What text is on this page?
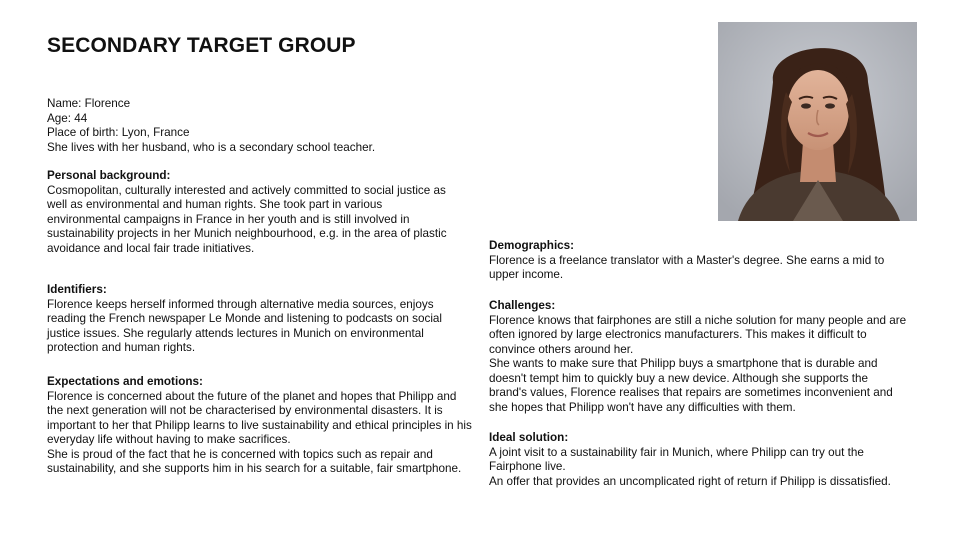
SECONDARY TARGET GROUP

Name: Florence

Age: 44

Place of birth: Lyon, France

She lives with her husband, who is a secondary school teacher.

Personal background:

Cosmopolitan, culturally interested and actively committed to social justice as well as environmental and human rights. She took part in various environmental campaigns in France in her youth and is still involved in sustainability projects in her Munich neighbourhood, e.g. in the area of plastic avoidance and local fair trade initiatives.

Identifiers:

Florence keeps herself informed through alternative media sources, enjoys reading the French newspaper Le Monde and listening to podcasts on social justice issues. She regularly attends lectures in Munich on environmental protection and human rights.

Expectations and emotions:

Florence is concerned about the future of the planet and hopes that Philipp and the next generation will not be characterised by environmental disasters. It is important to her that Philipp learns to live sustainability and ethical principles in his everyday life without having to make sacrifices.

She is proud of the fact that he is concerned with topics such as repair and sustainability, and she supports him in his search for a suitable, fair smartphone.

Demographics:

Florence is a freelance translator with a Master's degree. She earns a mid to upper income.

Challenges:

Florence knows that fairphones are still a niche solution for many people and are often ignored by large electronics manufacturers. This makes it difficult to convince others around her.

She wants to make sure that Philipp buys a smartphone that is durable and doesn't tempt him to quickly buy a new device. Although she supports the brand's values, Florence realises that repairs are sometimes inconvenient and she hopes that Philipp won't have any difficulties with them.

Ideal solution:

A joint visit to a sustainability fair in Munich, where Philipp can try out the Fairphone live.

An offer that provides an uncomplicated right of return if Philipp is dissatisfied.
